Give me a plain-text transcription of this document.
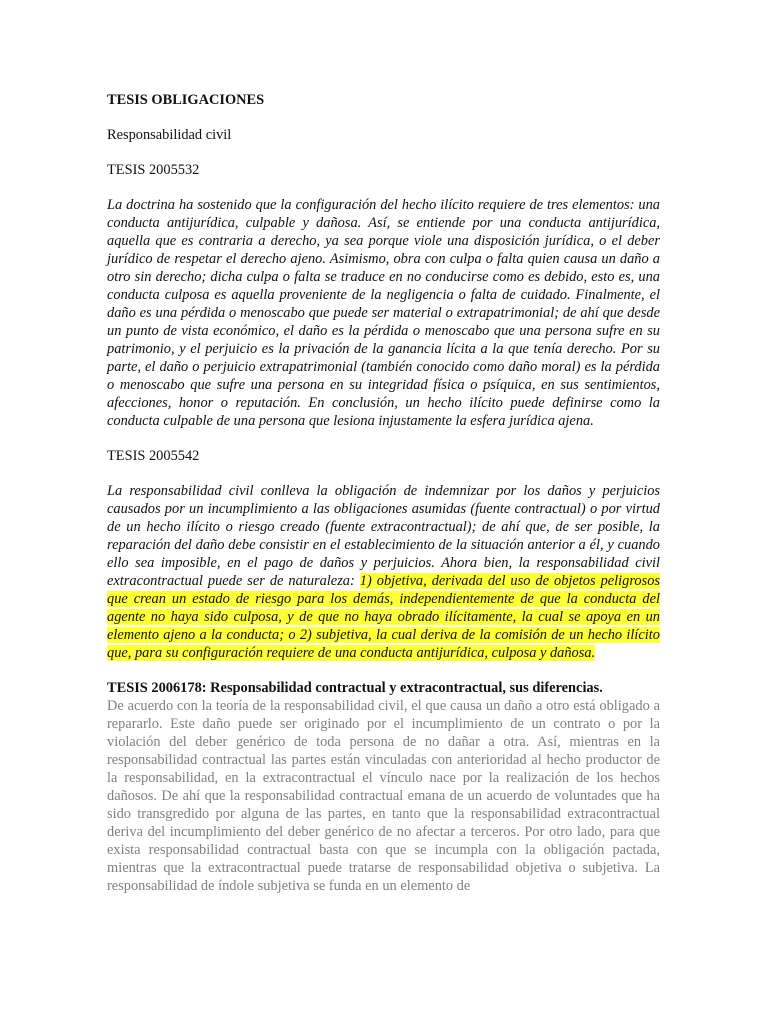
TESIS OBLIGACIONES

Responsabilidad civil

TESIS 2005532

La doctrina ha sostenido que la configuración del hecho ilícito requiere de tres elementos: una conducta antijurídica, culpable y dañosa. Así, se entiende por una conducta antijurídica, aquella que es contraria a derecho, ya sea porque viole una disposición jurídica, o el deber jurídico de respetar el derecho ajeno. Asimismo, obra con culpa o falta quien causa un daño a otro sin derecho; dicha culpa o falta se traduce en no conducirse como es debido, esto es, una conducta culposa es aquella proveniente de la negligencia o falta de cuidado. Finalmente, el daño es una pérdida o menoscabo que puede ser material o extrapatrimonial; de ahí que desde un punto de vista económico, el daño es la pérdida o menoscabo que una persona sufre en su patrimonio, y el perjuicio es la privación de la ganancia lícita a la que tenía derecho. Por su parte, el daño o perjuicio extrapatrimonial (también conocido como daño moral) es la pérdida o menoscabo que sufre una persona en su integridad física o psíquica, en sus sentimientos, afecciones, honor o reputación. En conclusión, un hecho ilícito puede definirse como la conducta culpable de una persona que lesiona injustamente la esfera jurídica ajena.

TESIS 2005542

La responsabilidad civil conlleva la obligación de indemnizar por los daños y perjuicios causados por un incumplimiento a las obligaciones asumidas (fuente contractual) o por virtud de un hecho ilícito o riesgo creado (fuente extracontractual); de ahí que, de ser posible, la reparación del daño debe consistir en el establecimiento de la situación anterior a él, y cuando ello sea imposible, en el pago de daños y perjuicios. Ahora bien, la responsabilidad civil extracontractual puede ser de naturaleza: 1) objetiva, derivada del uso de objetos peligrosos que crean un estado de riesgo para los demás, independientemente de que la conducta del agente no haya sido culposa, y de que no haya obrado ilícitamente, la cual se apoya en un elemento ajeno a la conducta; o 2) subjetiva, la cual deriva de la comisión de un hecho ilícito que, para su configuración requiere de una conducta antijurídica, culposa y dañosa.

TESIS 2006178: Responsabilidad contractual y extracontractual, sus diferencias.

De acuerdo con la teoría de la responsabilidad civil, el que causa un daño a otro está obligado a repararlo. Este daño puede ser originado por el incumplimiento de un contrato o por la violación del deber genérico de toda persona de no dañar a otra. Así, mientras en la responsabilidad contractual las partes están vinculadas con anterioridad al hecho productor de la responsabilidad, en la extracontractual el vínculo nace por la realización de los hechos dañosos. De ahí que la responsabilidad contractual emana de un acuerdo de voluntades que ha sido transgredido por alguna de las partes, en tanto que la responsabilidad extracontractual deriva del incumplimiento del deber genérico de no afectar a terceros. Por otro lado, para que exista responsabilidad contractual basta con que se incumpla con la obligación pactada, mientras que la extracontractual puede tratarse de responsabilidad objetiva o subjetiva. La responsabilidad de índole subjetiva se funda en un elemento de
